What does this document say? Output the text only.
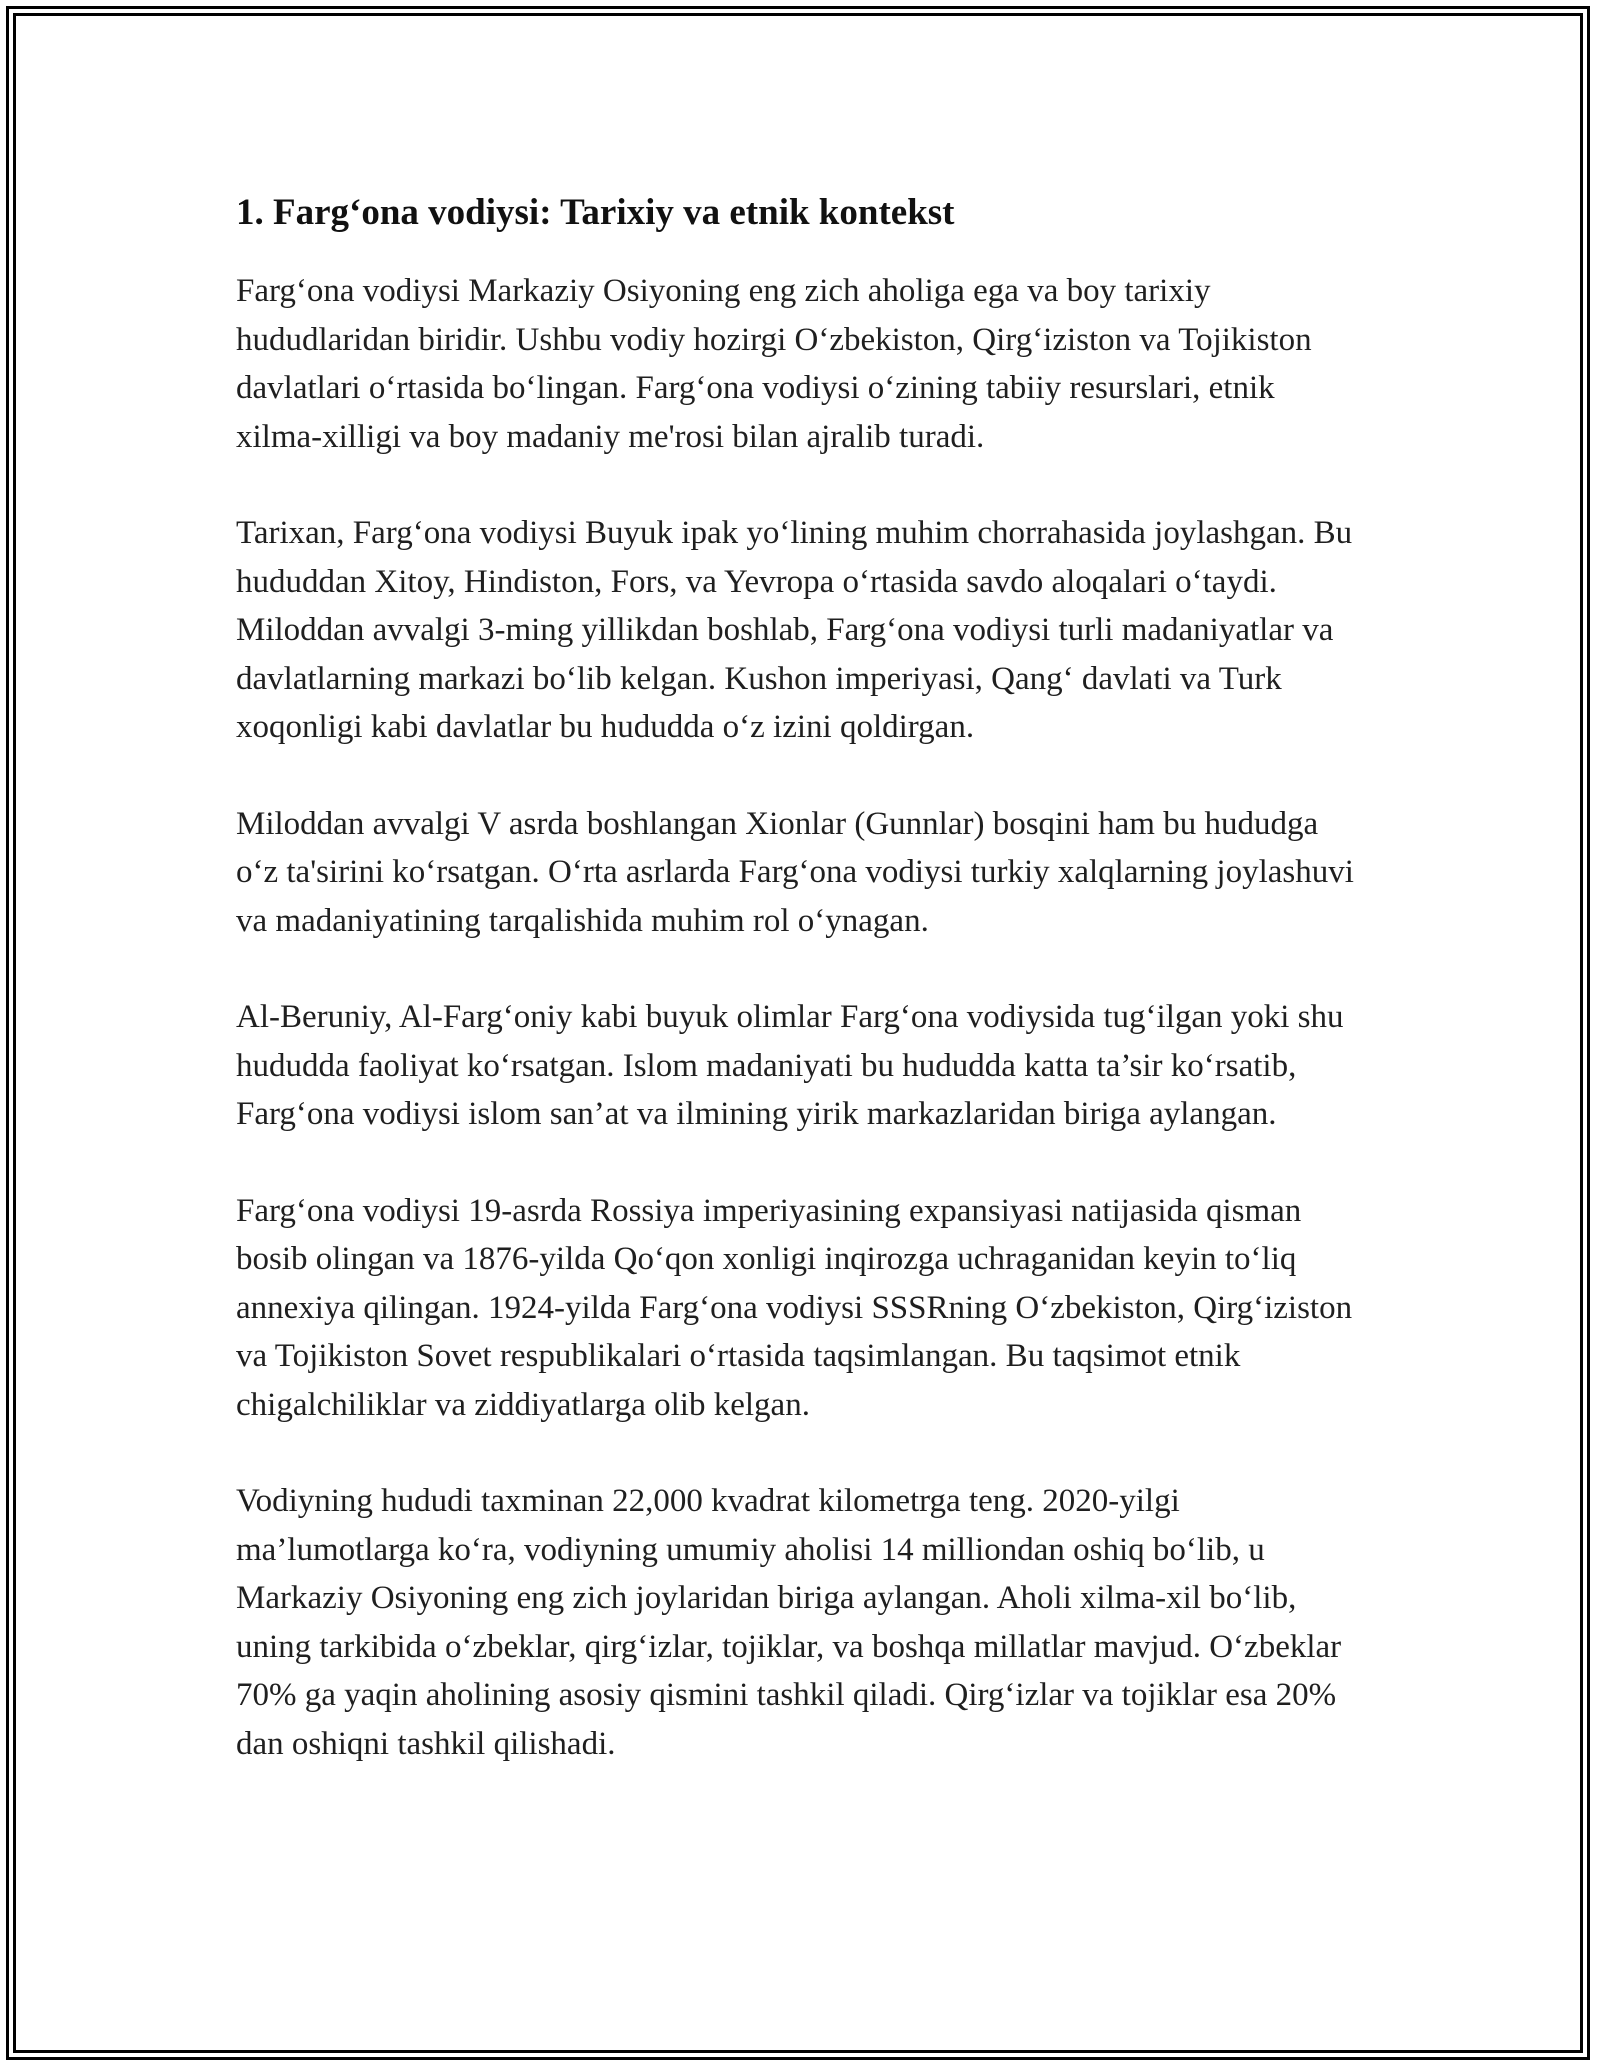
1. Farg‘ona vodiysi: Tarixiy va etnik kontekst

Farg‘ona vodiysi Markaziy Osiyoning eng zich aholiga ega va boy tarixiy hududlaridan biridir. Ushbu vodiy hozirgi O‘zbekiston, Qirg‘iziston va Tojikiston davlatlari o‘rtasida bo‘lingan. Farg‘ona vodiysi o‘zining tabiiy resurslari, etnik xilma-xilligi va boy madaniy me'rosi bilan ajralib turadi.

Tarixan, Farg‘ona vodiysi Buyuk ipak yo‘lining muhim chorrahasida joylashgan. Bu hududdan Xitoy, Hindiston, Fors, va Yevropa o‘rtasida savdo aloqalari o‘taydi. Miloddan avvalgi 3-ming yillikdan boshlab, Farg‘ona vodiysi turli madaniyatlar va davlatlarning markazi bo‘lib kelgan. Kushon imperiyasi, Qang‘ davlati va Turk xoqonligi kabi davlatlar bu hududda o‘z izini qoldirgan.

Miloddan avvalgi V asrda boshlangan Xionlar (Gunnlar) bosqini ham bu hududga o‘z ta'sirini ko‘rsatgan. O‘rta asrlarda Farg‘ona vodiysi turkiy xalqlarning joylashuvi va madaniyatining tarqalishida muhim rol o‘ynagan.

Al-Beruniy, Al-Farg‘oniy kabi buyuk olimlar Farg‘ona vodiysida tug‘ilgan yoki shu hududda faoliyat ko‘rsatgan. Islom madaniyati bu hududda katta ta’sir ko‘rsatib, Farg‘ona vodiysi islom san’at va ilmining yirik markazlaridan biriga aylangan.

Farg‘ona vodiysi 19-asrda Rossiya imperiyasining expansiyasi natijasida qisman bosib olingan va 1876-yilda Qo‘qon xonligi inqirozga uchraganidan keyin to‘liq annexiya qilingan. 1924-yilda Farg‘ona vodiysi SSSRning O‘zbekiston, Qirg‘iziston va Tojikiston Sovet respublikalari o‘rtasida taqsimlangan. Bu taqsimot etnik chigalchiliklar va ziddiyatlarga olib kelgan.

Vodiyning hududi taxminan 22,000 kvadrat kilometrga teng. 2020-yilgi ma’lumotlarga ko‘ra, vodiyning umumiy aholisi 14 milliondan oshiq bo‘lib, u Markaziy Osiyoning eng zich joylaridan biriga aylangan. Aholi xilma-xil bo‘lib, uning tarkibida o‘zbeklar, qirg‘izlar, tojiklar, va boshqa millatlar mavjud. O‘zbeklar 70% ga yaqin aholining asosiy qismini tashkil qiladi. Qirg‘izlar va tojiklar esa 20% dan oshiqni tashkil qilishadi.
